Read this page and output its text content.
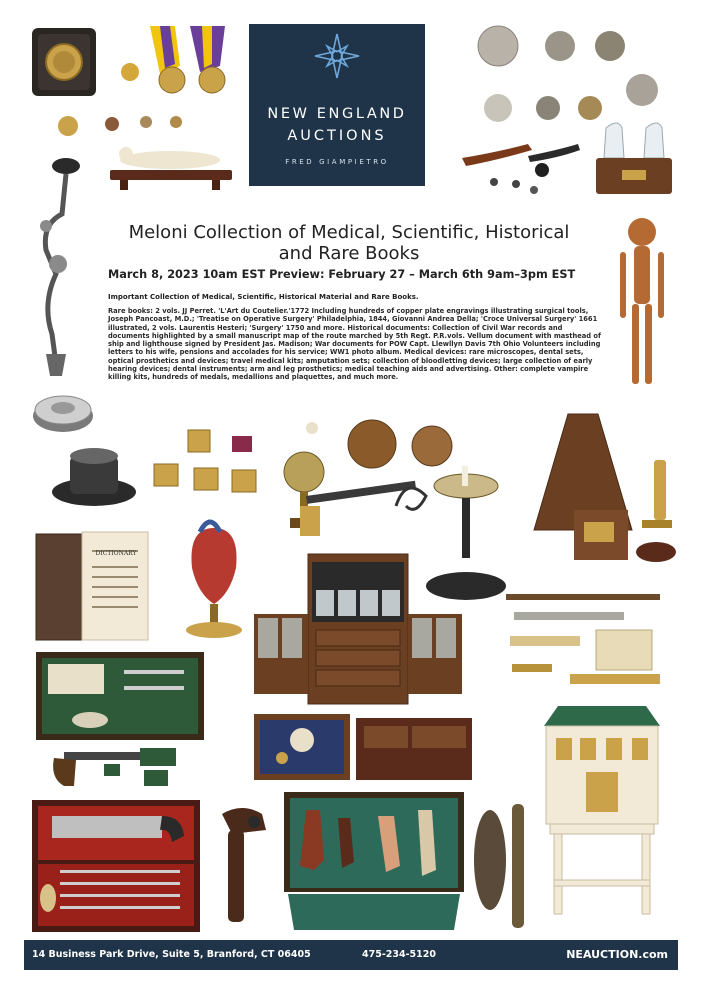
NEW ENGLAND
AUCTIONS
FRED GIAMPIETRO
Meloni Collection of Medical, Scientific, Historical
and Rare Books
March 8, 2023 10am EST Preview: February 27 – March 6th 9am–3pm EST
Important Collection of Medical, Scientific, Historical Material and Rare Books.
Rare books: 2 vols. JJ Perret. 'L'Art du Coutelier.'1772 Including hundreds of copper plate engravings illustrating surgical tools, Joseph Pancoast, M.D.; 'Treatise on Operative Surgery' Philadelphia, 1844, Giovanni Andrea Della; 'Croce Universal Surgery' 1661 illustrated, 2 vols. Laurentis Hesteri; 'Surgery' 1750 and more. Historical documents: Collection of Civil War records and documents highlighted by a small manuscript map of the route marched by 5th Regt. P.R.vols. Vellum document with masthead of ship and lighthouse signed by President Jas. Madison; War documents for POW Capt. Llewllyn Davis 7th Ohio Volunteers including letters to his wife, pensions and accolades for his service; WW1 photo album. Medical devices: rare microscopes, dental sets, optical prosthetics and devices; travel medical kits; amputation sets; collection of bloodletting devices; large collection of early hearing devices; dental instruments; arm and leg prosthetics; medical teaching aids and advertising. Other: complete vampire killing kits, hundreds of medals, medallions and plaquettes, and much more.
DICTIONARY
14 Business Park Drive, Suite 5, Branford, CT 06405	475-234-5120	NEAUCTION.com
